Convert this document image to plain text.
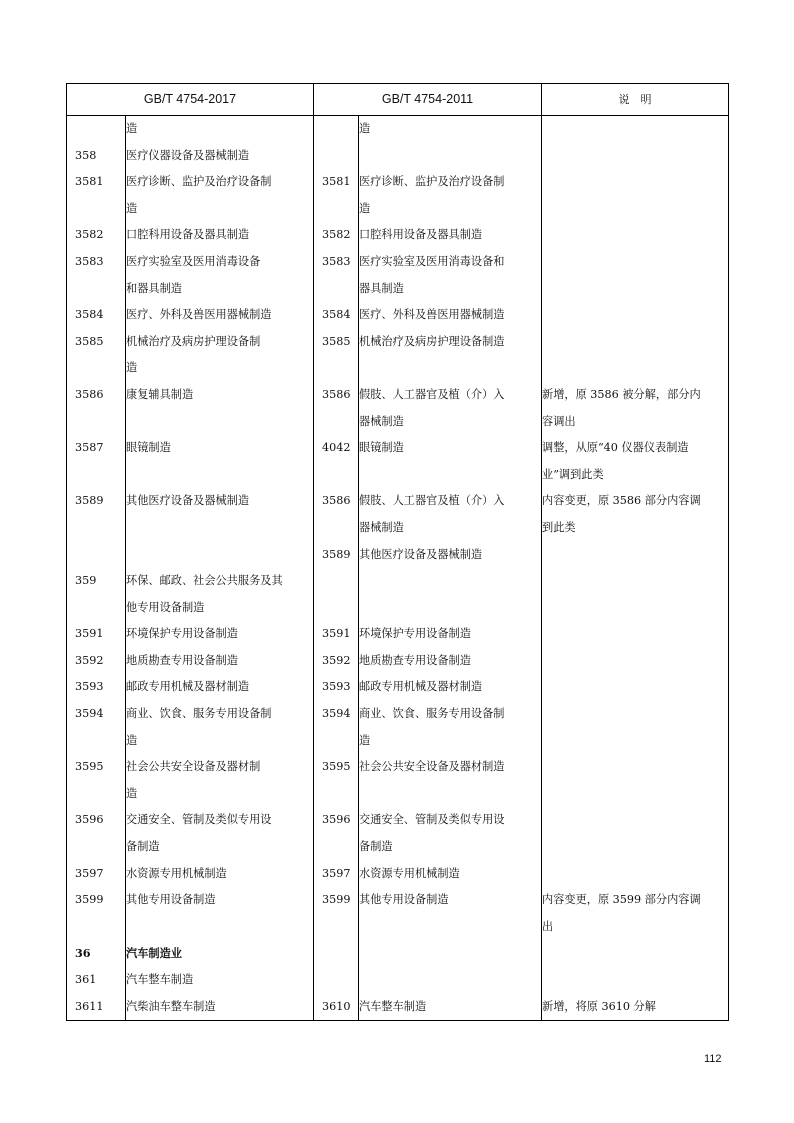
GB/T 4754-2017		GB/T 4754-2011		说　明
	造		造	
358	医疗仪器设备及器械制造			
3581	医疗诊断、监护及治疗设备制	3581	医疗诊断、监护及治疗设备制	
	造		造	
3582	口腔科用设备及器具制造	3582	口腔科用设备及器具制造	
3583	医疗实验室及医用消毒设备	3583	医疗实验室及医用消毒设备和	
	和器具制造		器具制造	
3584	医疗、外科及兽医用器械制造	3584	医疗、外科及兽医用器械制造	
3585	机械治疗及病房护理设备制	3585	机械治疗及病房护理设备制造	
	造			
3586	康复辅具制造	3586	假肢、人工器官及植（介）入	新增，原 3586 被分解，部分内
			器械制造	容调出
3587	眼镜制造	4042	眼镜制造	调整，从原“40 仪器仪表制造
				业”调到此类
3589	其他医疗设备及器械制造	3586	假肢、人工器官及植（介）入	内容变更，原 3586 部分内容调
			器械制造	到此类
		3589	其他医疗设备及器械制造	
359	环保、邮政、社会公共服务及其			
	他专用设备制造			
3591	环境保护专用设备制造	3591	环境保护专用设备制造	
3592	地质勘查专用设备制造	3592	地质勘查专用设备制造	
3593	邮政专用机械及器材制造	3593	邮政专用机械及器材制造	
3594	商业、饮食、服务专用设备制	3594	商业、饮食、服务专用设备制	
	造		造	
3595	社会公共安全设备及器材制	3595	社会公共安全设备及器材制造	
	造			
3596	交通安全、管制及类似专用设	3596	交通安全、管制及类似专用设	
	备制造		备制造	
3597	水资源专用机械制造	3597	水资源专用机械制造	
3599	其他专用设备制造	3599	其他专用设备制造	内容变更，原 3599 部分内容调
				出
36	汽车制造业			
361	汽车整车制造			
3611	汽柴油车整车制造	3610	汽车整车制造	新增，将原 3610 分解
112
